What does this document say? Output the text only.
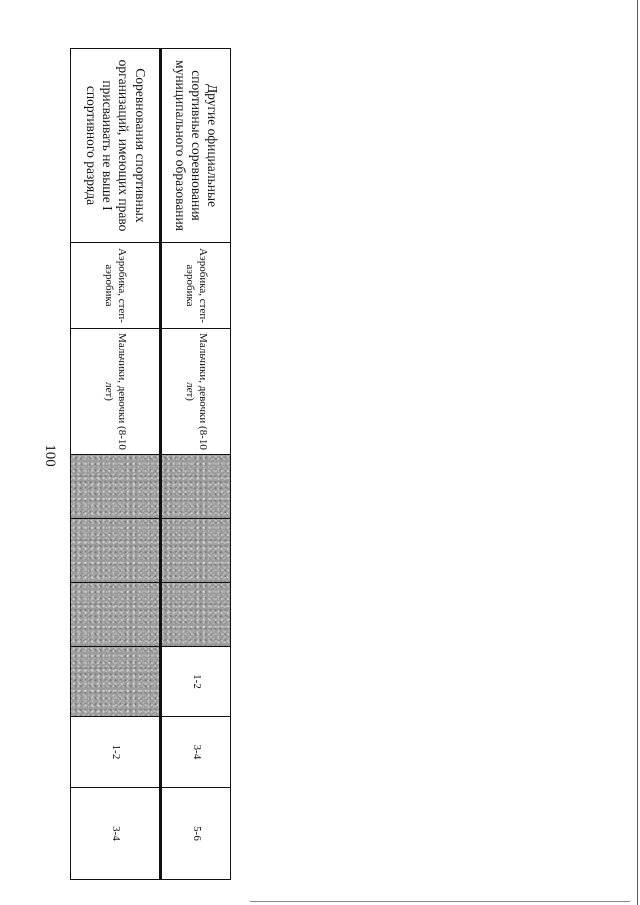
100
Другие официальные спортивные соревнования муниципального образования	Аэробика, степ-аэробика	Мальчики, девочки (8-10 лет)				1-2	3-4	5-6
Соревнования спортивных организаций, имеющих право присваивать не выше I спортивного разряда	Аэробика, степ-аэробика	Мальчики, девочки (8-10 лет)					1-2	3-4
